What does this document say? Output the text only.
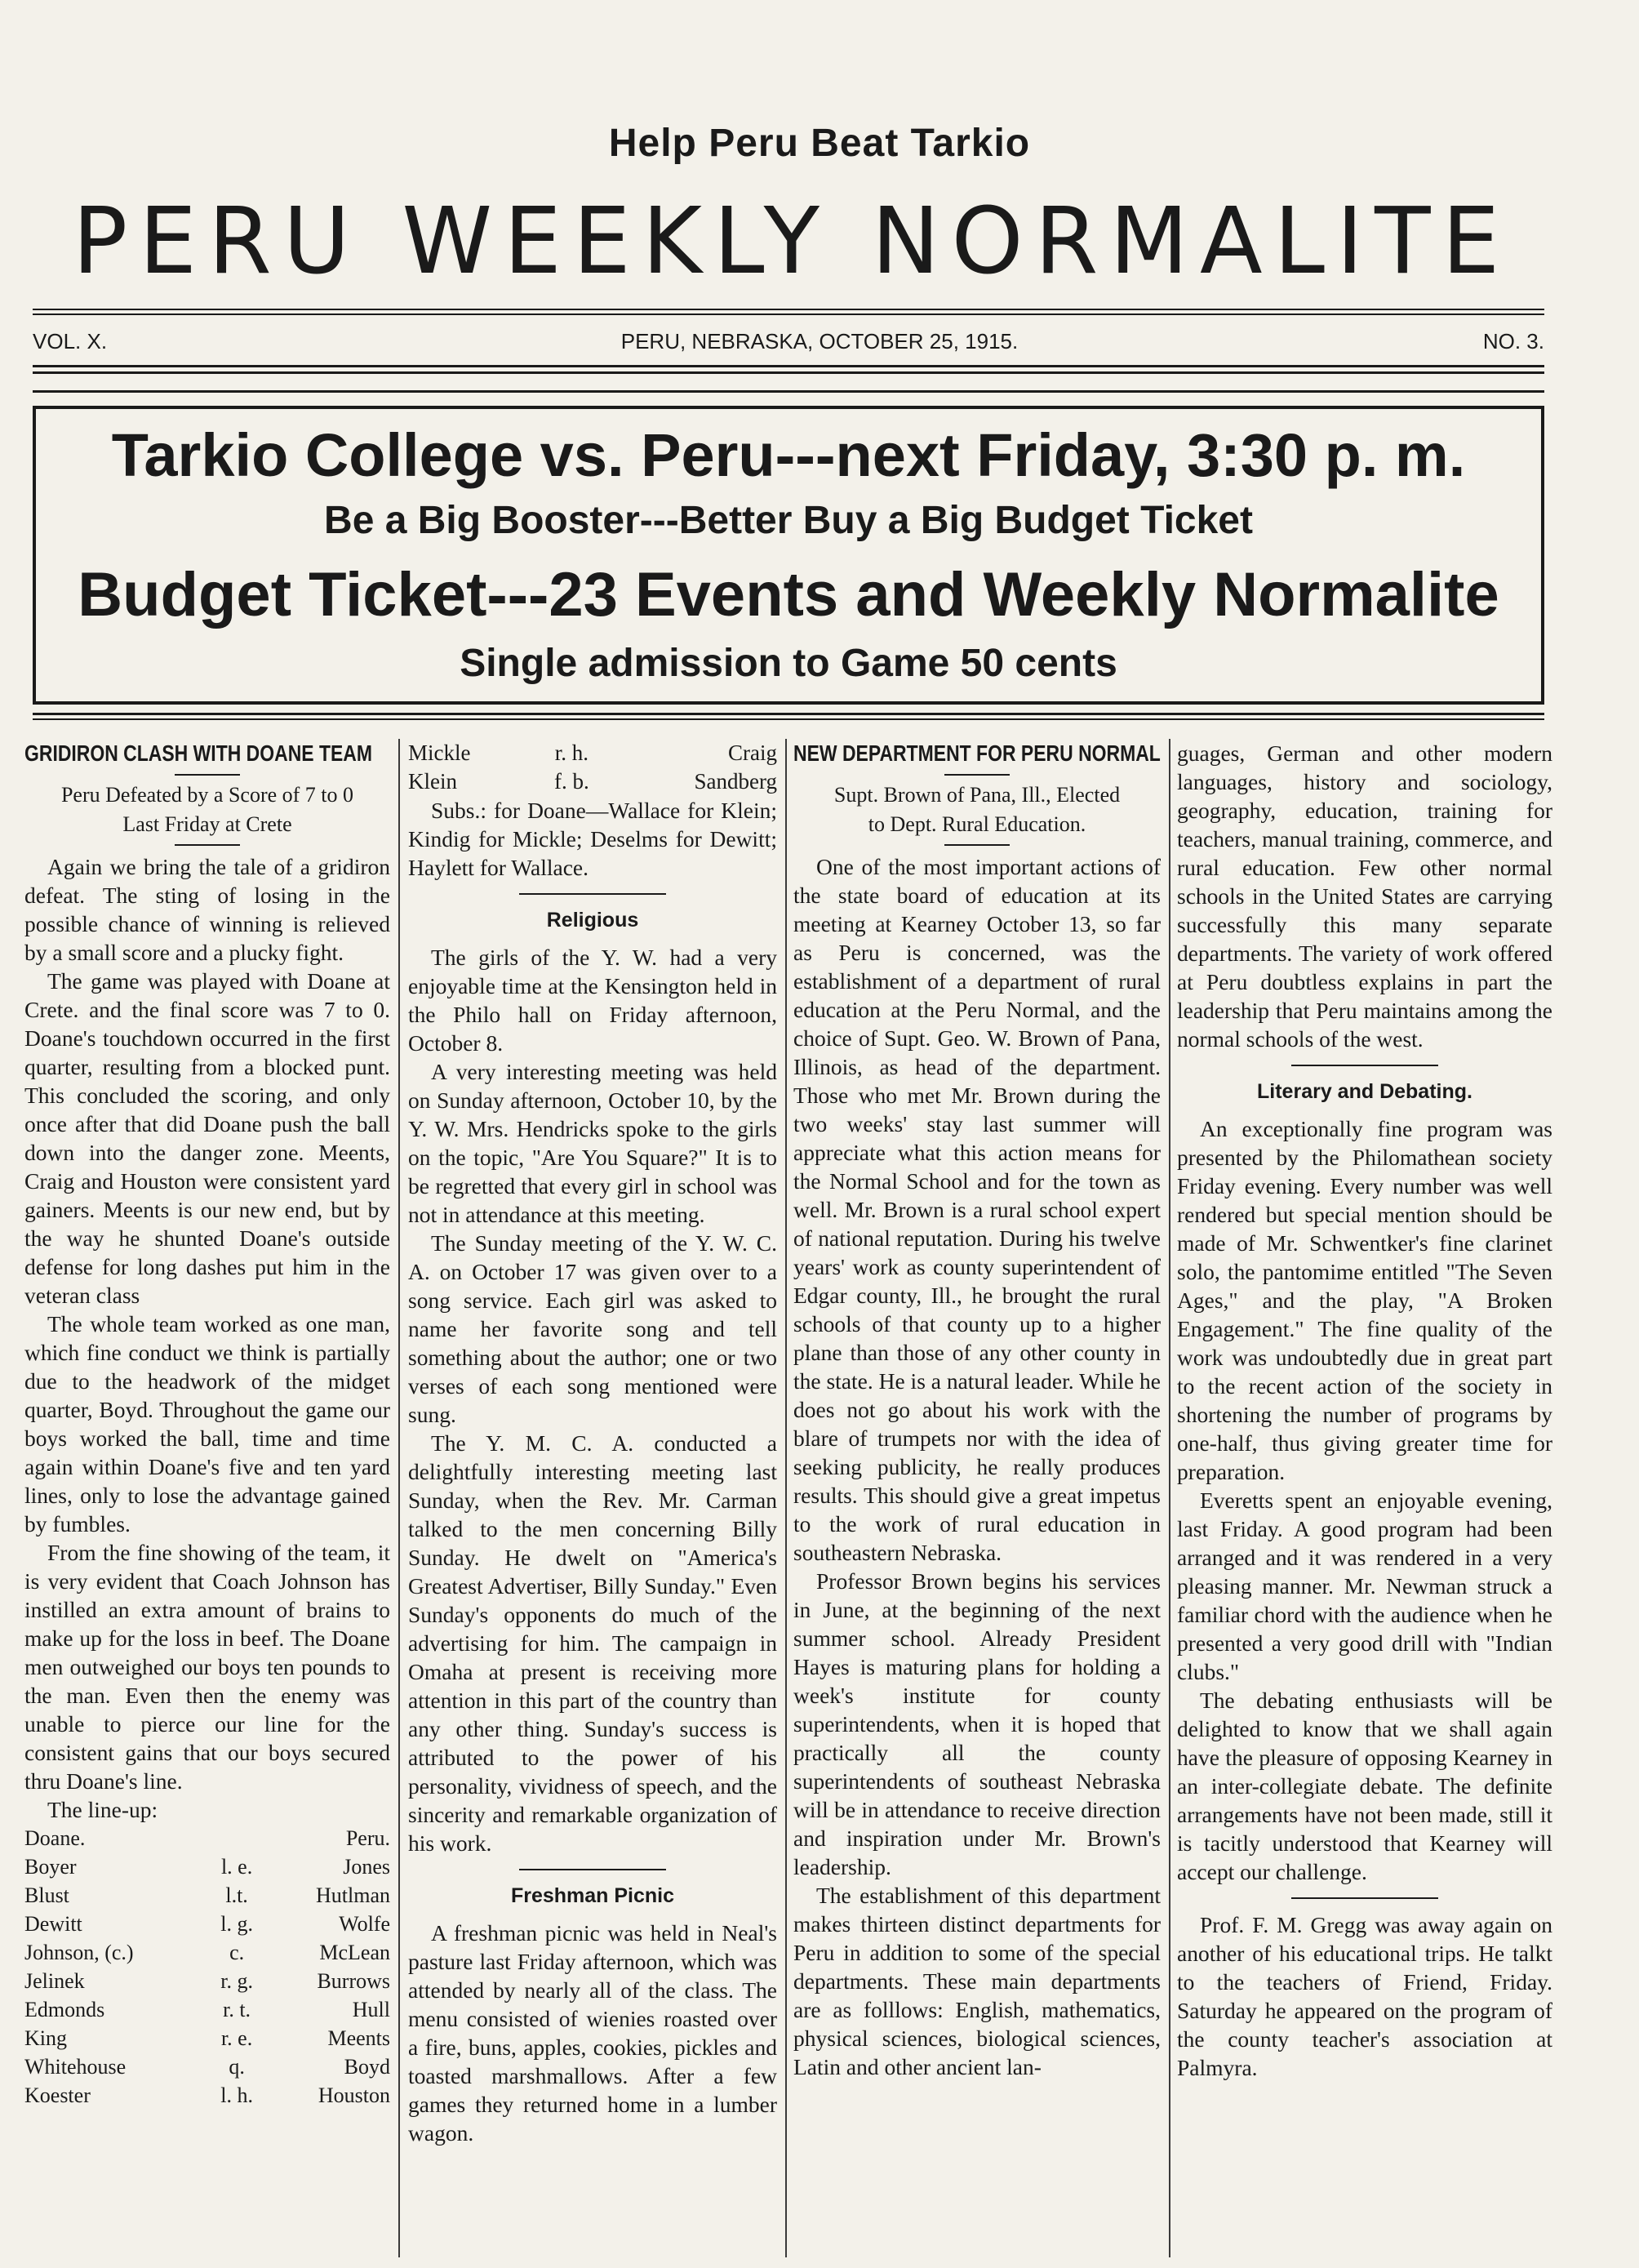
Help Peru Beat Tarkio
PERU WEEKLY NORMALITE
VOL. X.	PERU, NEBRASKA, OCTOBER 25, 1915.	NO. 3.
Tarkio College vs. Peru---next Friday, 3:30 p. m.
Be a Big Booster---Better Buy a Big Budget Ticket
Budget Ticket---23 Events and Weekly Normalite
Single admission to Game 50 cents
GRIDIRON CLASH WITH DOANE TEAM
Peru Defeated by a Score of 7 to 0
Last Friday at Crete

Again we bring the tale of a gridiron defeat. The sting of losing in the possible chance of winning is relieved by a small score and a plucky fight.

The game was played with Doane at Crete. and the final score was 7 to 0. Doane's touchdown occurred in the first quarter, resulting from a blocked punt. This concluded the scoring, and only once after that did Doane push the ball down into the danger zone. Meents, Craig and Houston were consistent yard gainers. Meents is our new end, but by the way he shunted Doane's outside defense for long dashes put him in the veteran class

The whole team worked as one man, which fine conduct we think is partially due to the headwork of the midget quarter, Boyd. Throughout the game our boys worked the ball, time and time again within Doane's five and ten yard lines, only to lose the advantage gained by fumbles.

From the fine showing of the team, it is very evident that Coach Johnson has instilled an extra amount of brains to make up for the loss in beef. The Doane men outweighed our boys ten pounds to the man. Even then the enemy was unable to pierce our line for the consistent gains that our boys secured thru Doane's line.

The line-up:

Doane.		Peru.
Boyer	l. e.	Jones
Blust	l.t.	Hutlman
Dewitt	l. g.	Wolfe
Johnson, (c.)	c.	McLean
Jelinek	r. g.	Burrows
Edmonds	r. t.	Hull
King	r. e.	Meents
Whitehouse	q.	Boyd
Koester	l. h.	Houston
Mickle	r. h.	Craig
Klein	f. b.	Sandberg

Subs.: for Doane—Wallace for Klein; Kindig for Mickle; Deselms for Dewitt; Haylett for Wallace.

Religious

The girls of the Y. W. had a very enjoyable time at the Kensington held in the Philo hall on Friday afternoon, October 8.

A very interesting meeting was held on Sunday afternoon, October 10, by the Y. W. Mrs. Hendricks spoke to the girls on the topic, "Are You Square?" It is to be regretted that every girl in school was not in attendance at this meeting.

The Sunday meeting of the Y. W. C. A. on October 17 was given over to a song service. Each girl was asked to name her favorite song and tell something about the author; one or two verses of each song mentioned were sung.

The Y. M. C. A. conducted a delightfully interesting meeting last Sunday, when the Rev. Mr. Carman talked to the men concerning Billy Sunday. He dwelt on "America's Greatest Advertiser, Billy Sunday." Even Sunday's opponents do much of the advertising for him. The campaign in Omaha at present is receiving more attention in this part of the country than any other thing. Sunday's success is attributed to the power of his personality, vividness of speech, and the sincerity and remarkable organization of his work.

Freshman Picnic

A freshman picnic was held in Neal's pasture last Friday afternoon, which was attended by nearly all of the class. The menu consisted of wienies roasted over a fire, buns, apples, cookies, pickles and toasted marshmallows. After a few games they returned home in a lumber wagon.

NEW DEPARTMENT FOR PERU NORMAL
Supt. Brown of Pana, Ill., Elected
to Dept. Rural Education.

One of the most important actions of the state board of education at its meeting at Kearney October 13, so far as Peru is concerned, was the establishment of a department of rural education at the Peru Normal, and the choice of Supt. Geo. W. Brown of Pana, Illinois, as head of the department. Those who met Mr. Brown during the two weeks' stay last summer will appreciate what this action means for the Normal School and for the town as well. Mr. Brown is a rural school expert of national reputation. During his twelve years' work as county superintendent of Edgar county, Ill., he brought the rural schools of that county up to a higher plane than those of any other county in the state. He is a natural leader. While he does not go about his work with the blare of trumpets nor with the idea of seeking publicity, he really produces results. This should give a great impetus to the work of rural education in southeastern Nebraska.

Professor Brown begins his services in June, at the beginning of the next summer school. Already President Hayes is maturing plans for holding a week's institute for county superintendents, when it is hoped that practically all the county superintendents of southeast Nebraska will be in attendance to receive direction and inspiration under Mr. Brown's leadership.

The establishment of this department makes thirteen distinct departments for Peru in addition to some of the special departments. These main departments are as folllows: English, mathematics, physical sciences, biological sciences, Latin and other ancient lan-

guages, German and other modern languages, history and sociology, geography, education, training for teachers, manual training, commerce, and rural education. Few other normal schools in the United States are carrying successfully this many separate departments. The variety of work offered at Peru doubtless explains in part the leadership that Peru maintains among the normal schools of the west.

Literary and Debating.

An exceptionally fine program was presented by the Philomathean society Friday evening. Every number was well rendered but special mention should be made of Mr. Schwentker's fine clarinet solo, the pantomime entitled "The Seven Ages," and the play, "A Broken Engagement." The fine quality of the work was undoubtedly due in great part to the recent action of the society in shortening the number of programs by one-half, thus giving greater time for preparation.

Everetts spent an enjoyable evening, last Friday. A good program had been arranged and it was rendered in a very pleasing manner. Mr. Newman struck a familiar chord with the audience when he presented a very good drill with "Indian clubs."

The debating enthusiasts will be delighted to know that we shall again have the pleasure of opposing Kearney in an inter-collegiate debate. The definite arrangements have not been made, still it is tacitly understood that Kearney will accept our challenge.

Prof. F. M. Gregg was away again on another of his educational trips. He talkt to the teachers of Friend, Friday. Saturday he appeared on the program of the county teacher's association at Palmyra.
